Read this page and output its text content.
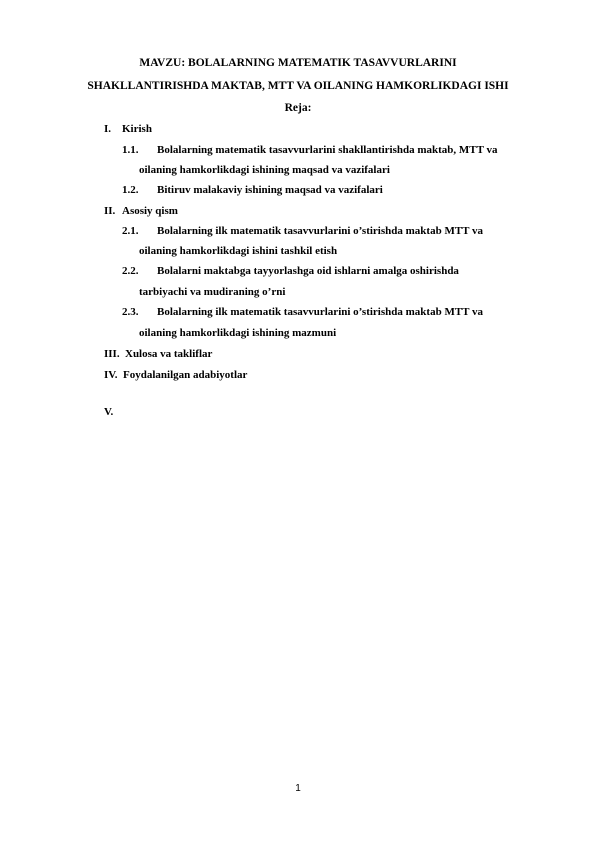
MAVZU: BOLALARNING MATEMATIK TASAVVURLARINI
SHAKLLANTIRISHDA MAKTAB, MTT VA OILANING HAMKORLIKDAGI ISHI
Reja:
I. Kirish
1.1. Bolalarning matematik tasavvurlarini shakllantirishda maktab, MTT va
oilaning hamkorlikdagi ishining maqsad va vazifalari
1.2. Bitiruv malakaviy ishining maqsad va vazifalari
II. Asosiy qism
2.1. Bolalarning ilk matematik tasavvurlarini o’stirishda maktab MTT va
oilaning hamkorlikdagi ishini tashkil etish
2.2. Bolalarni maktabga tayyorlashga oid ishlarni amalga oshirishda
tarbiyachi va mudiraning o’rni
2.3. Bolalarning ilk matematik tasavvurlarini o’stirishda maktab MTT va
oilaning hamkorlikdagi ishining mazmuni
III. Xulosa va takliflar
IV. Foydalanilgan adabiyotlar
V.
1
